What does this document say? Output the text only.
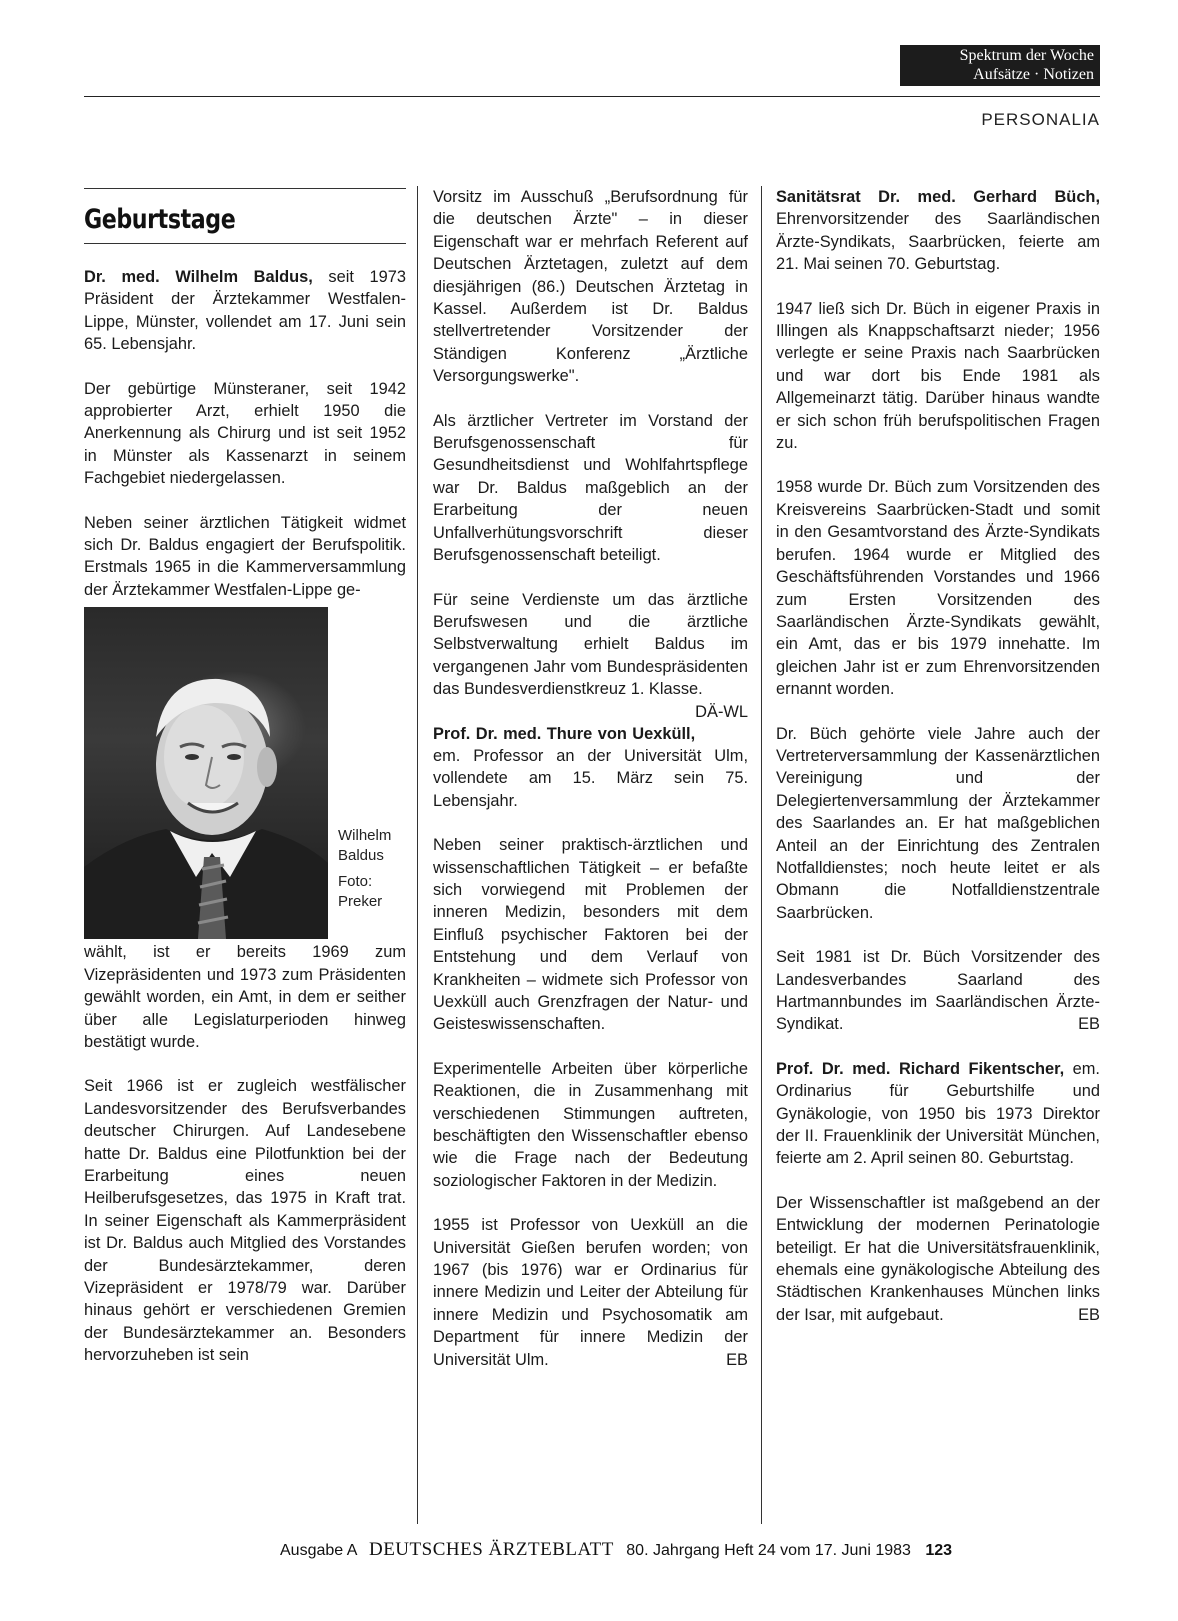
Spektrum der Woche
Aufsätze · Notizen
PERSONALIA
Geburtstage

Dr. med. Wilhelm Baldus, seit 1973 Präsident der Ärztekammer Westfalen-Lippe, Münster, vollendet am 17. Juni sein 65. Lebensjahr.

Der gebürtige Münsteraner, seit 1942 approbierter Arzt, erhielt 1950 die Anerkennung als Chirurg und ist seit 1952 in Münster als Kassenarzt in seinem Fachgebiet niedergelassen.

Neben seiner ärztlichen Tätigkeit widmet sich Dr. Baldus engagiert der Berufspolitik. Erstmals 1965 in die Kammerversammlung der Ärztekammer Westfalen-Lippe ge-

Wilhelm Baldus
Foto: Preker

wählt, ist er bereits 1969 zum Vizepräsidenten und 1973 zum Präsidenten gewählt worden, ein Amt, in dem er seither über alle Legislaturperioden hinweg bestätigt wurde.

Seit 1966 ist er zugleich westfälischer Landesvorsitzender des Berufsverbandes deutscher Chirurgen. Auf Landesebene hatte Dr. Baldus eine Pilotfunktion bei der Erarbeitung eines neuen Heilberufsgesetzes, das 1975 in Kraft trat. In seiner Eigenschaft als Kammerpräsident ist Dr. Baldus auch Mitglied des Vorstandes der Bundesärztekammer, deren Vizepräsident er 1978/79 war. Darüber hinaus gehört er verschiedenen Gremien der Bundesärztekammer an. Besonders hervorzuheben ist sein

Vorsitz im Ausschuß „Berufsordnung für die deutschen Ärzte" – in dieser Eigenschaft war er mehrfach Referent auf Deutschen Ärztetagen, zuletzt auf dem diesjährigen (86.) Deutschen Ärztetag in Kassel. Außerdem ist Dr. Baldus stellvertretender Vorsitzender der Ständigen Konferenz „Ärztliche Versorgungswerke".

Als ärztlicher Vertreter im Vorstand der Berufsgenossenschaft für Gesundheitsdienst und Wohlfahrtspflege war Dr. Baldus maßgeblich an der Erarbeitung der neuen Unfallverhütungsvorschrift dieser Berufsgenossenschaft beteiligt.

Für seine Verdienste um das ärztliche Berufswesen und die ärztliche Selbstverwaltung erhielt Baldus im vergangenen Jahr vom Bundespräsidenten das Bundesverdienstkreuz 1. Klasse.
DÄ-WL

Prof. Dr. med. Thure von Uexküll, em. Professor an der Universität Ulm, vollendete am 15. März sein 75. Lebensjahr.

Neben seiner praktisch-ärztlichen und wissenschaftlichen Tätigkeit – er befaßte sich vorwiegend mit Problemen der inneren Medizin, besonders mit dem Einfluß psychischer Faktoren bei der Entstehung und dem Verlauf von Krankheiten – widmete sich Professor von Uexküll auch Grenzfragen der Natur- und Geisteswissenschaften.

Experimentelle Arbeiten über körperliche Reaktionen, die in Zusammenhang mit verschiedenen Stimmungen auftreten, beschäftigten den Wissenschaftler ebenso wie die Frage nach der Bedeutung soziologischer Faktoren in der Medizin.

1955 ist Professor von Uexküll an die Universität Gießen berufen worden; von 1967 (bis 1976) war er Ordinarius für innere Medizin und Leiter der Abteilung für innere Medizin und Psychosomatik am Department für innere Medizin der Universität Ulm.	EB

Sanitätsrat Dr. med. Gerhard Büch, Ehrenvorsitzender des Saarländischen Ärzte-Syndikats, Saarbrücken, feierte am 21. Mai seinen 70. Geburtstag.

1947 ließ sich Dr. Büch in eigener Praxis in Illingen als Knappschaftsarzt nieder; 1956 verlegte er seine Praxis nach Saarbrücken und war dort bis Ende 1981 als Allgemeinarzt tätig. Darüber hinaus wandte er sich schon früh berufspolitischen Fragen zu.

1958 wurde Dr. Büch zum Vorsitzenden des Kreisvereins Saarbrücken-Stadt und somit in den Gesamtvorstand des Ärzte-Syndikats berufen. 1964 wurde er Mitglied des Geschäftsführenden Vorstandes und 1966 zum Ersten Vorsitzenden des Saarländischen Ärzte-Syndikats gewählt, ein Amt, das er bis 1979 innehatte. Im gleichen Jahr ist er zum Ehrenvorsitzenden ernannt worden.

Dr. Büch gehörte viele Jahre auch der Vertreterversammlung der Kassenärztlichen Vereinigung und der Delegiertenversammlung der Ärztekammer des Saarlandes an. Er hat maßgeblichen Anteil an der Einrichtung des Zentralen Notfalldienstes; noch heute leitet er als Obmann die Notfalldienstzentrale Saarbrücken.

Seit 1981 ist Dr. Büch Vorsitzender des Landesverbandes Saarland des Hartmannbundes im Saarländischen Ärzte-Syndikat.	EB

Prof. Dr. med. Richard Fikentscher, em. Ordinarius für Geburtshilfe und Gynäkologie, von 1950 bis 1973 Direktor der II. Frauenklinik der Universität München, feierte am 2. April seinen 80. Geburtstag.

Der Wissenschaftler ist maßgebend an der Entwicklung der modernen Perinatologie beteiligt. Er hat die Universitätsfrauenklinik, ehemals eine gynäkologische Abteilung des Städtischen Krankenhauses München links der Isar, mit aufgebaut.	EB

Ausgabe A DEUTSCHES ÄRZTEBLATT 80. Jahrgang Heft 24 vom 17. Juni 1983 123
